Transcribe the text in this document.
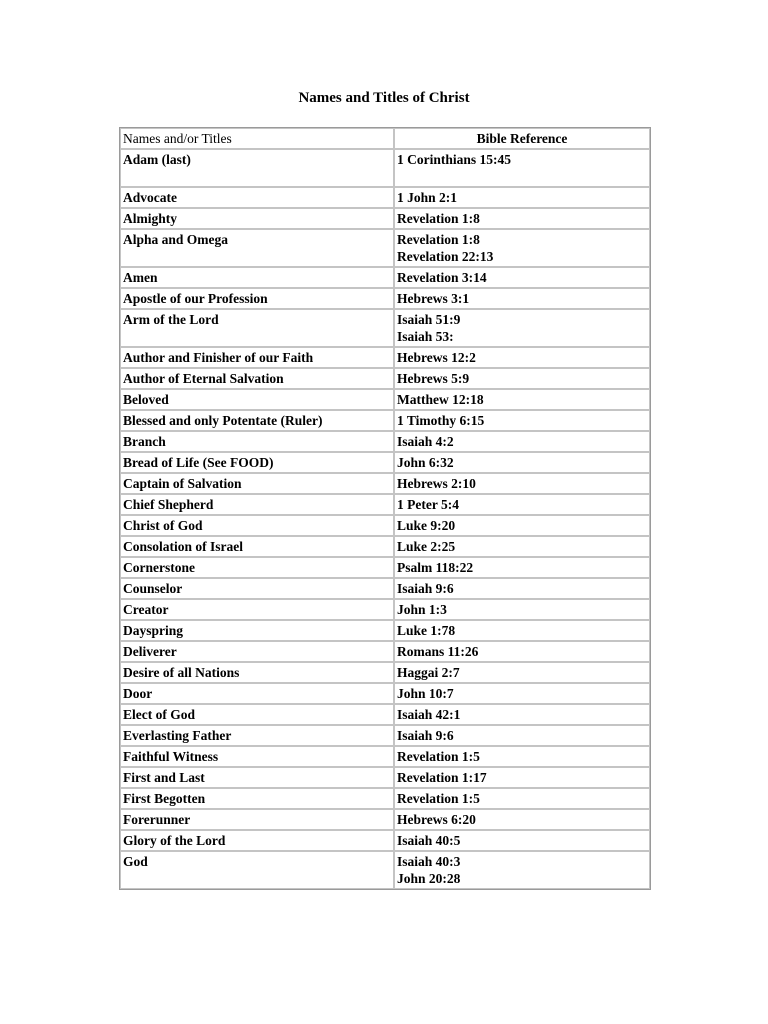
Names and Titles of Christ
Names and/or Titles	Bible Reference
Adam (last)	1 Corinthians 15:45

Advocate	1 John 2:1

Almighty	Revelation 1:8

Alpha and Omega	Revelation 1:8
Revelation 22:13

Amen	Revelation 3:14

Apostle of our Profession	Hebrews 3:1

Arm of the Lord	Isaiah 51:9
Isaiah 53:

Author and Finisher of our Faith	Hebrews 12:2

Author of Eternal Salvation	Hebrews 5:9

Beloved	Matthew 12:18

Blessed and only Potentate (Ruler)	1 Timothy 6:15

Branch	Isaiah 4:2

Bread of Life (See FOOD)	John 6:32

Captain of Salvation	Hebrews 2:10

Chief Shepherd	1 Peter 5:4

Christ of God	Luke 9:20

Consolation of Israel	Luke 2:25

Cornerstone	Psalm 118:22

Counselor	Isaiah 9:6

Creator	John 1:3

Dayspring	Luke 1:78

Deliverer	Romans 11:26

Desire of all Nations	Haggai 2:7

Door	John 10:7

Elect of God	Isaiah 42:1

Everlasting Father	Isaiah 9:6

Faithful Witness	Revelation 1:5

First and Last	Revelation 1:17

First Begotten	Revelation 1:5

Forerunner	Hebrews 6:20

Glory of the Lord	Isaiah 40:5

God	Isaiah 40:3
John 20:28
